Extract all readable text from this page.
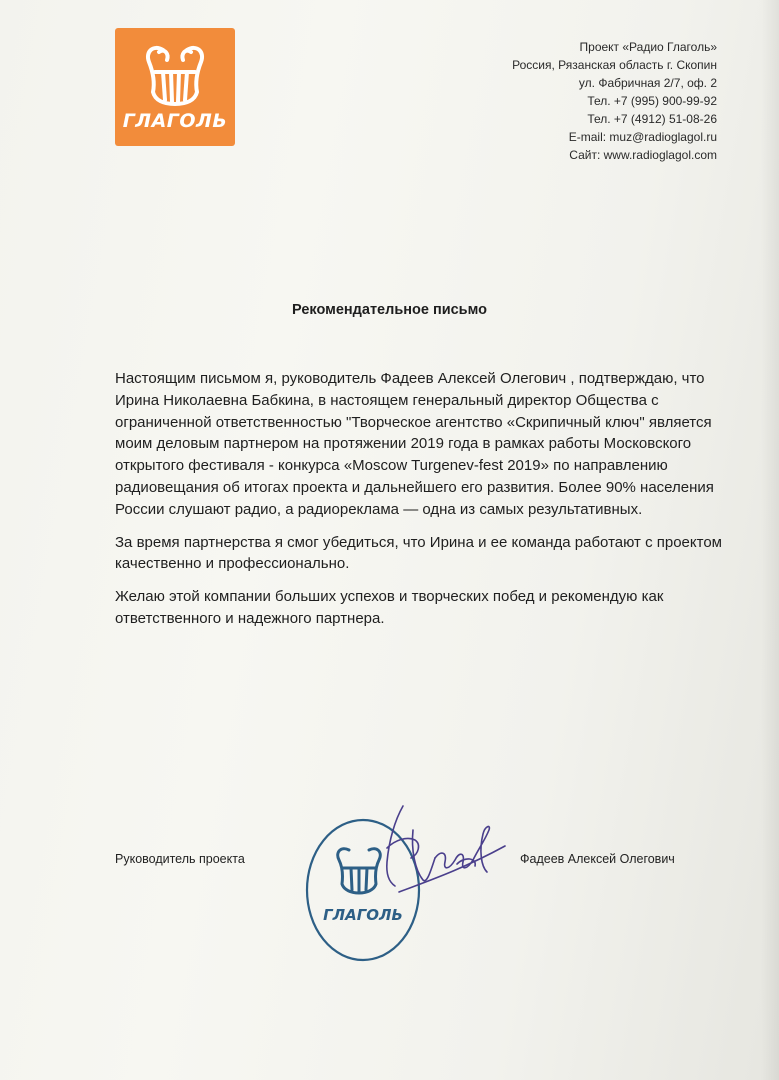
ГЛАГОЛЬ
Проект «Радио Глаголь»
Россия, Рязанская область г. Скопин
ул. Фабричная 2/7, оф. 2
Тел. +7 (995) 900-99-92
Тел. +7 (4912) 51-08-26
E-mail: muz@radioglagol.ru
Сайт: www.radioglagol.com
Рекомендательное письмо

Настоящим письмом я, руководитель Фадеев Алексей Олегович , подтверждаю, что
Ирина Николаевна Бабкина, в настоящем генеральный директор Общества с
ограниченной ответственностью "Творческое агентство «Скрипичный ключ" является
моим деловым партнером на протяжении 2019 года в рамках работы Московского
открытого фестиваля - конкурса «Moscow Turgenev-fest 2019» по направлению
радиовещания об итогах проекта и дальнейшего его развития. Более 90% населения
России слушают радио, а радиореклама — одна из самых результативных.

За время партнерства я смог убедиться, что Ирина и ее команда работают с проектом
качественно и профессионально.

Желаю этой компании больших успехов и творческих побед и рекомендую как
ответственного и надежного партнера.

Руководитель проекта
ГЛАГОЛЬ
Фадеев Алексей Олегович
